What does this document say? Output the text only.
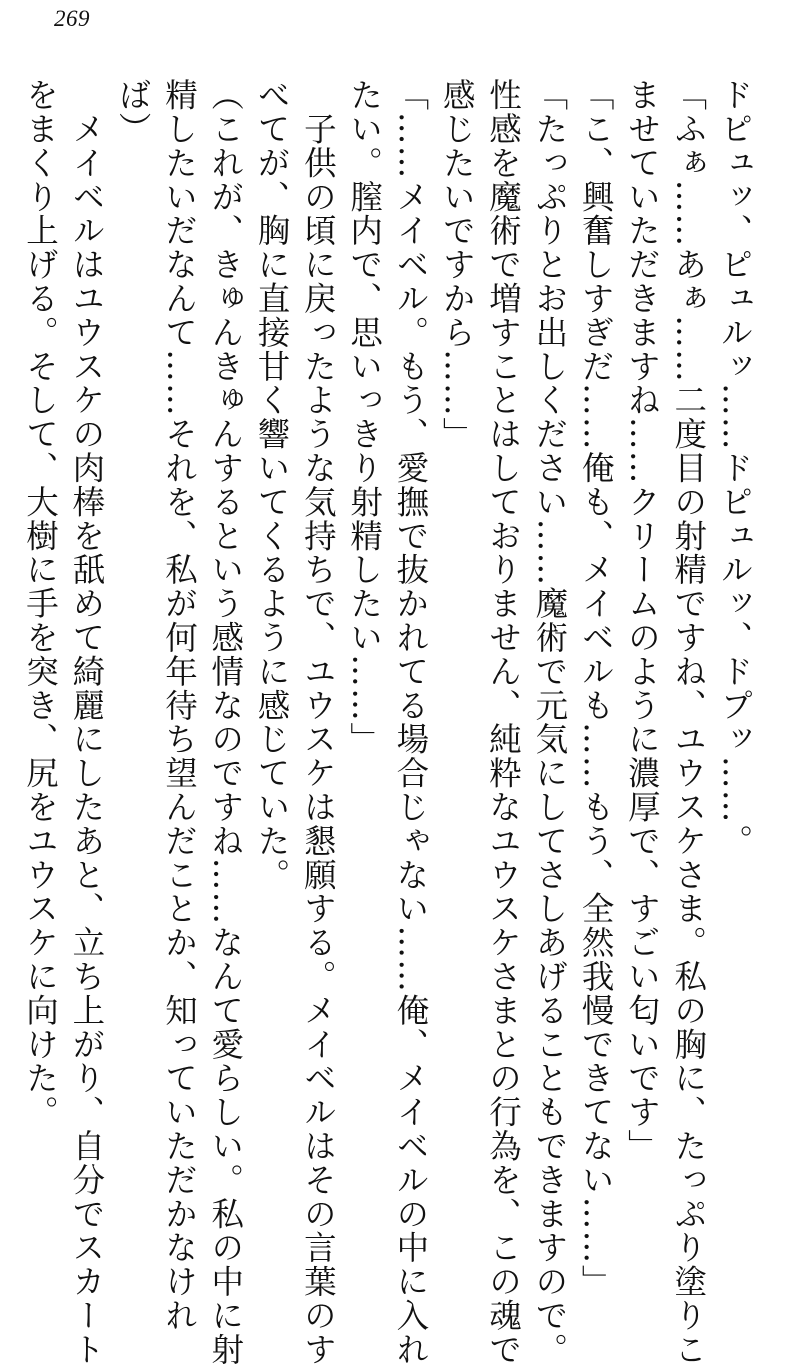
269
ドピュッ、ピュルッ……ドピュルッ、ドプッ……。
「ふぁ……あぁ……二度目の射精ですね、ユウスケさま。私の胸に、たっぷり塗りこ
ませていただきますね……クリームのように濃厚で、すごい匂いです」
「こ、興奮しすぎだ……俺も、メイベルも……もう、全然我慢できてない……」
「たっぷりとお出しください……魔術で元気にしてさしあげることもできますので。
性感を魔術で増すことはしておりません、純粋なユウスケさまとの行為を、この魂で
感じたいですから……」
「……メイベル。もう、愛撫で抜かれてる場合じゃない……俺、メイベルの中に入れ
たい。膣内で、思いっきり射精したい……」
　子供の頃に戻ったような気持ちで、ユウスケは懇願する。メイベルはその言葉のす
べてが、胸に直接甘く響いてくるように感じていた。
（これが、きゅんきゅんするという感情なのですね……なんて愛らしい。私の中に射
精したいだなんて……それを、私が何年待ち望んだことか、知っていただかなけれ
ば）
　メイベルはユウスケの肉棒を舐めて綺麗にしたあと、立ち上がり、自分でスカート
をまくり上げる。そして、大樹に手を突き、尻をユウスケに向けた。
